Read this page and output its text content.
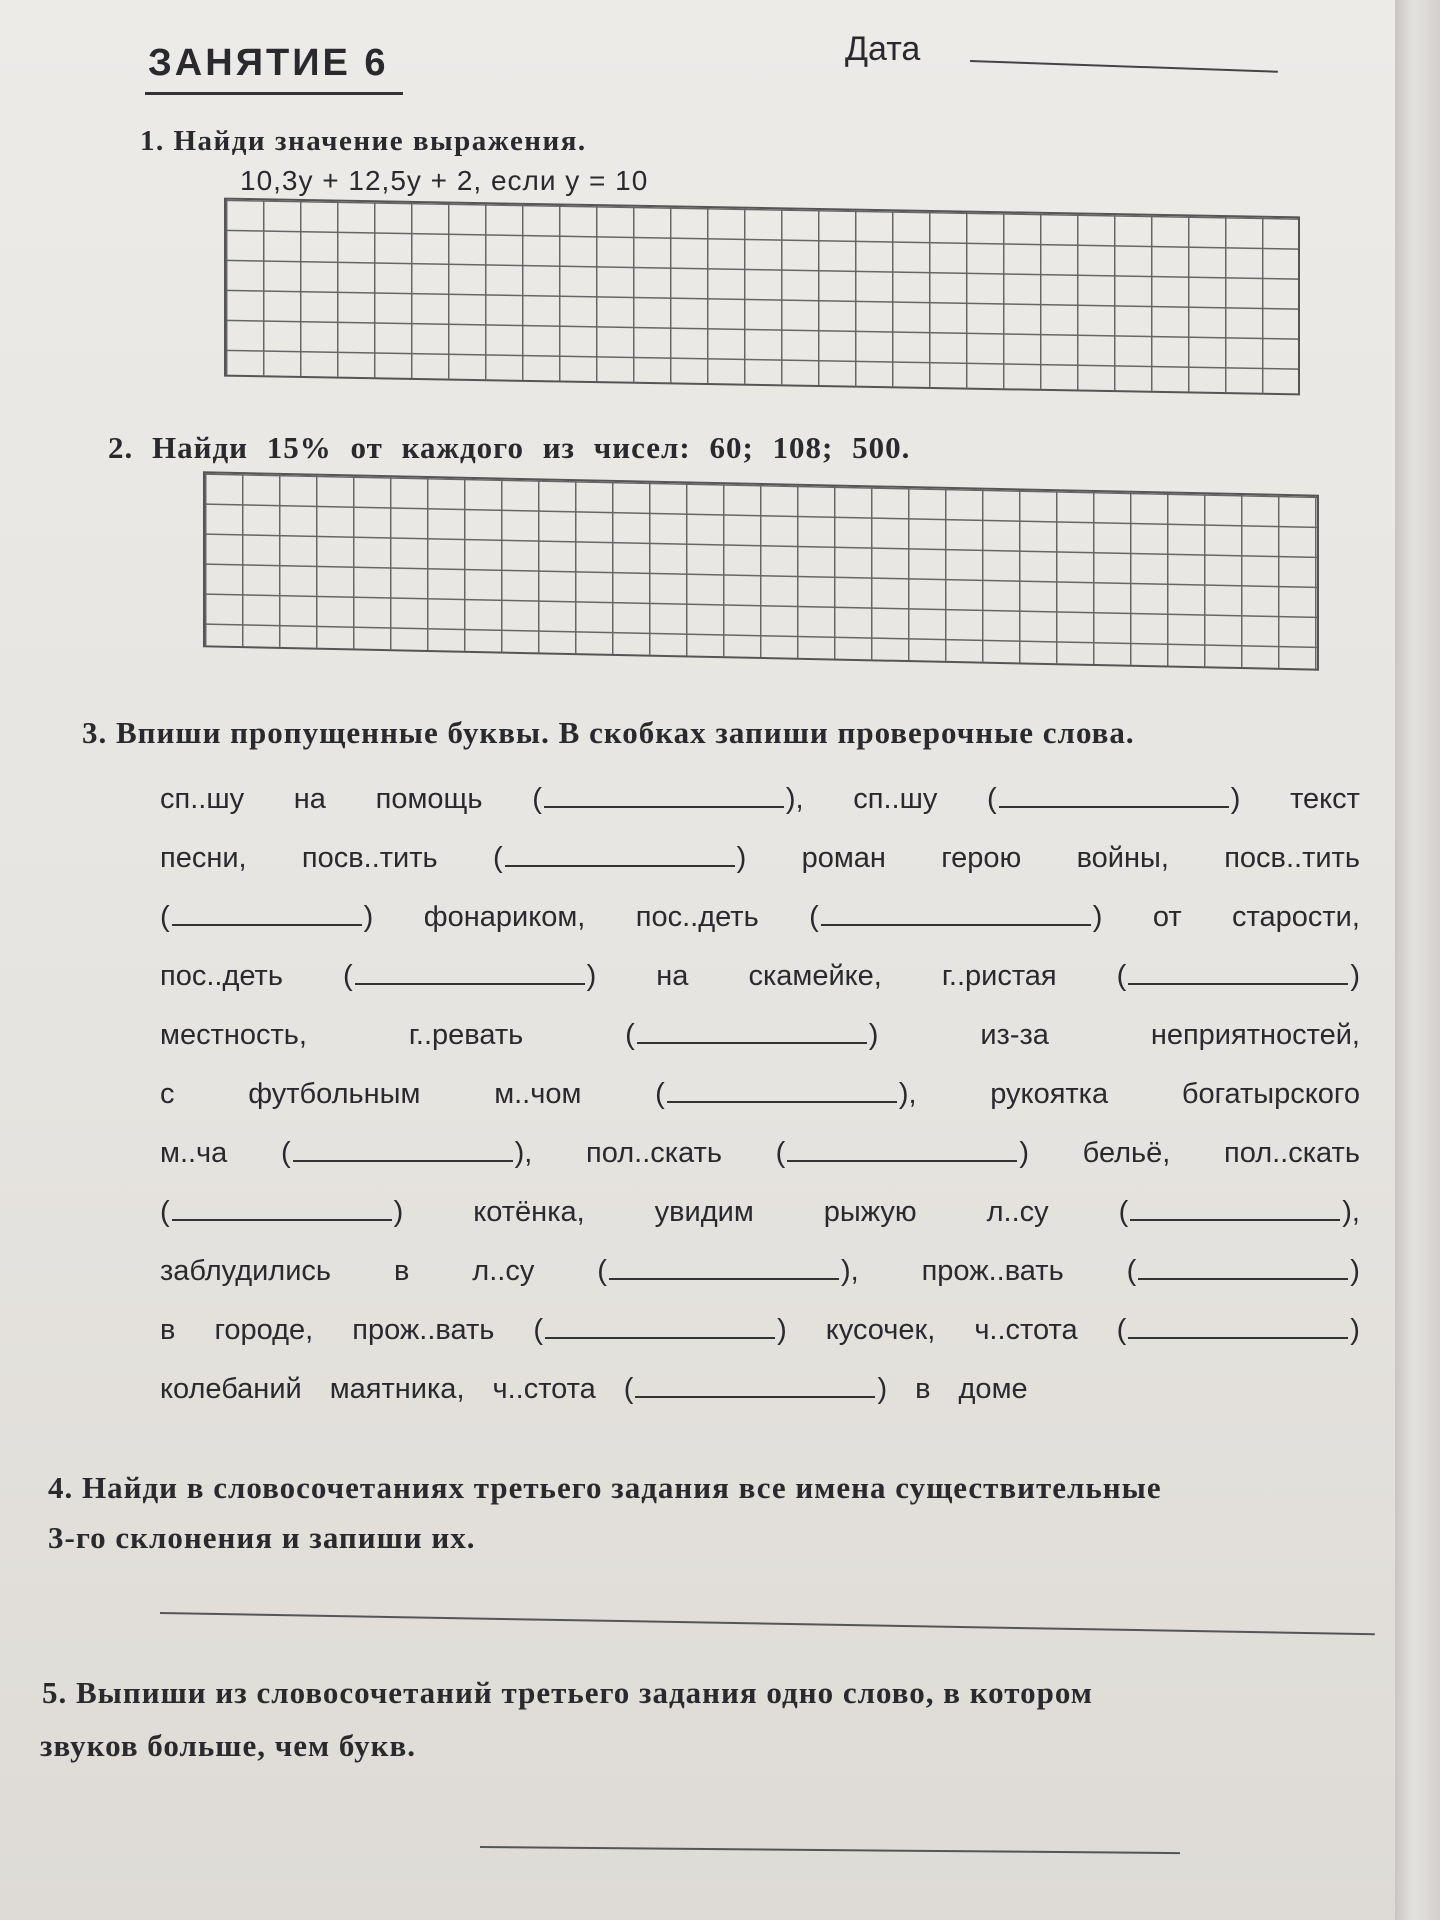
ЗАНЯТИЕ 6	Дата
1. Найди значение выражения.
10,3y + 12,5y + 2, если y = 10
2. Найди 15% от каждого из чисел: 60; 108; 500.
3. Впиши пропущенные буквы. В скобках запиши проверочные слова.
сп..шу на помощь (	), сп..шу (	) текст
песни, посв..тить (	) роман герою войны, посв..тить
(	) фонариком, пос..деть (	) от старости,
пос..деть (	) на скамейке, г..ристая (	)
местность,	г..ревать	(	)	из-за	неприятностей,
с	футбольным	м..чом	(	),	рукоятка	богатырского
м..ча (	), пол..скать (	) бельё, пол..скать
(	) котёнка, увидим рыжую л..су (	),
заблудились в л..су (	), прож..вать (	)
в городе, прож..вать (	) кусочек, ч..стота (	)
колебаний маятника, ч..стота (	) в доме
4. Найди в словосочетаниях третьего задания все имена существительные
3-го склонения и запиши их.
5. Выпиши из словосочетаний третьего задания одно слово, в котором
звуков больше, чем букв.
